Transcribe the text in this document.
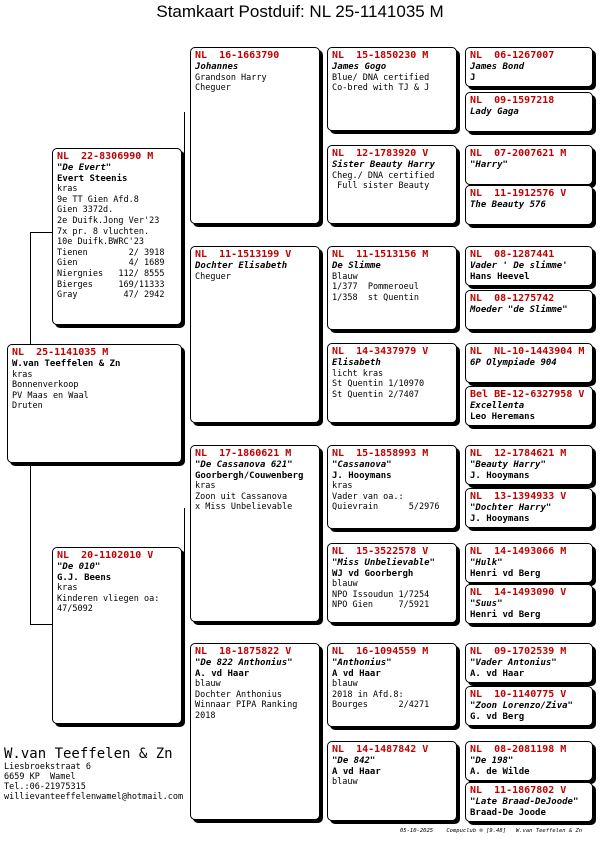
Stamkaart Postduif: NL 25-1141035 M
NL  25-1141035 M
W.van Teeffelen & Zn
kras
Bonnenverkoop
PV Maas en Waal
Druten
NL  22-8306990 M
"De Evert"
Evert Steenis
kras
9e TT Gien Afd.8
Gien 3372d.
2e Duifk.Jong Ver'23
7x pr. 8 vluchten.
10e Duifk.BWRC'23
Tienen        2/ 3918
Gien          4/ 1689
Niergnies   112/ 8555
Bierges     169/11333
Gray         47/ 2942
NL  20-1102010 V
"De 010"
G.J. Beens
kras
Kinderen vliegen oa:
47/5092
NL  16-1663790
Johannes
Grandson Harry
Cheguer
NL  11-1513199 V
Dochter Elisabeth
Cheguer
NL  17-1860621 M
"De Cassanova 621"
Goorbergh/Couwenberg
kras
Zoon uit Cassanova
x Miss Unbelievable
NL  18-1875822 V
"De 822 Anthonius"
A. vd Haar
blauw
Dochter Anthonius
Winnaar PIPA Ranking
2018
NL  15-1850230 M
James Gogo
Blue/ DNA certified
Co-bred with TJ & J
NL  12-1783920 V
Sister Beauty Harry
Cheg./ DNA certified
Full sister Beauty
NL  11-1513156 M
De Slimme
Blauw
1/377  Pommeroeul
1/358  st Quentin
NL  14-3437979 V
Elisabeth
licht kras
St Quentin 1/10970
St Quentin 2/7407
NL  15-1858993 M
"Cassanova"
J. Hooymans
kras
Vader van oa.:
Quievrain      5/2976
NL  15-3522578 V
"Miss Unbelievable"
WJ vd Goorbergh
blauw
NPO Issoudun 1/7254
NPO Gien     7/5921
NL  16-1094559 M
"Anthonius"
A vd Haar
blauw
2018 in Afd.8:
Bourges      2/4271
NL  14-1487842 V
"De 842"
A vd Haar
blauw
NL  06-1267007
James Bond
J
NL  09-1597218
Lady Gaga
NL  07-2007621 M
"Harry"
NL  11-1912576 V
The Beauty 576
NL  08-1287441
Vader ' De slimme'
Hans Heevel
NL  08-1275742
Moeder "de Slimme"
NL  NL-10-1443904 M
6P Olympiade 904
Bel BE-12-6327958 V
Excellenta
Leo Heremans
NL  12-1784621 M
"Beauty Harry"
J. Hooymans
NL  13-1394933 V
"Dochter Harry"
J. Hooymans
NL  14-1493066 M
"Hulk"
Henri vd Berg
NL  14-1493090 V
"Suus"
Henri vd Berg
NL  09-1702539 M
"Vader Antonius"
A. vd Haar
NL  10-1140775 V
"Zoon Lorenzo/Ziva"
G. vd Berg
NL  08-2081198 M
"De 198"
A. de Wilde
NL  11-1867802 V
"Late Braad-DeJoode"
Braad-De Joode
W.van Teeffelen & Zn
Liesbroekstraat 6
6659 KP  Wamel
Tel.:06-21975315
willievanteeffelenwamel@hotmail.com
05-10-2025    Compuclub ® [9.48]   W.van Teeffelen & Zn
